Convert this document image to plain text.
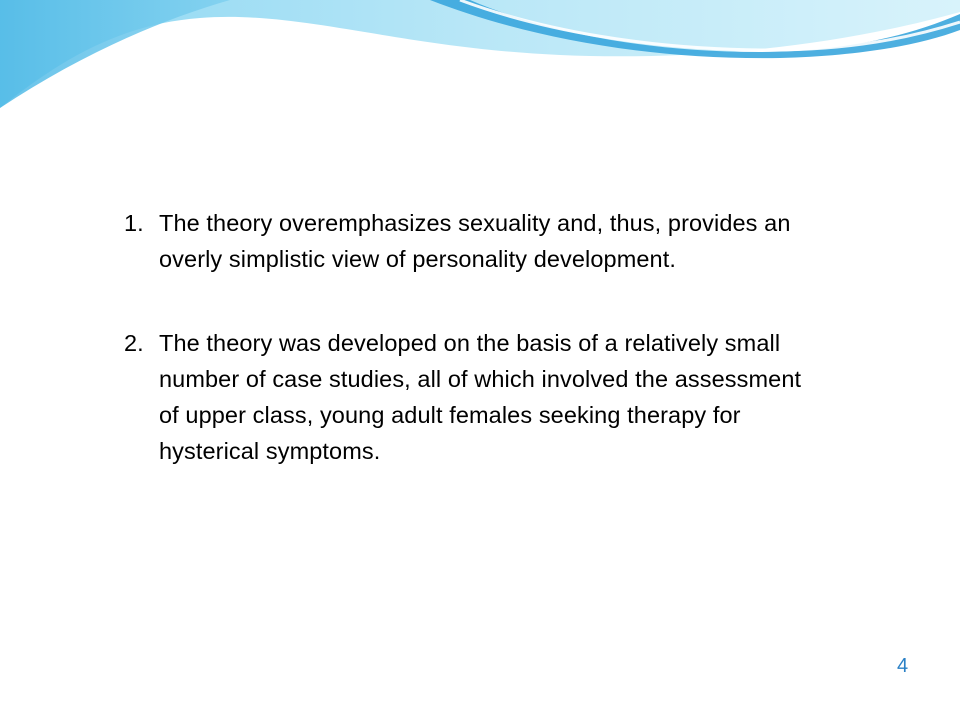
1. The theory overemphasizes sexuality and, thus, provides an overly simplistic view of personality development.
2. The theory was developed on the basis of a relatively small number of case studies, all of which involved the assessment of upper class, young adult females seeking therapy for hysterical symptoms.
4
